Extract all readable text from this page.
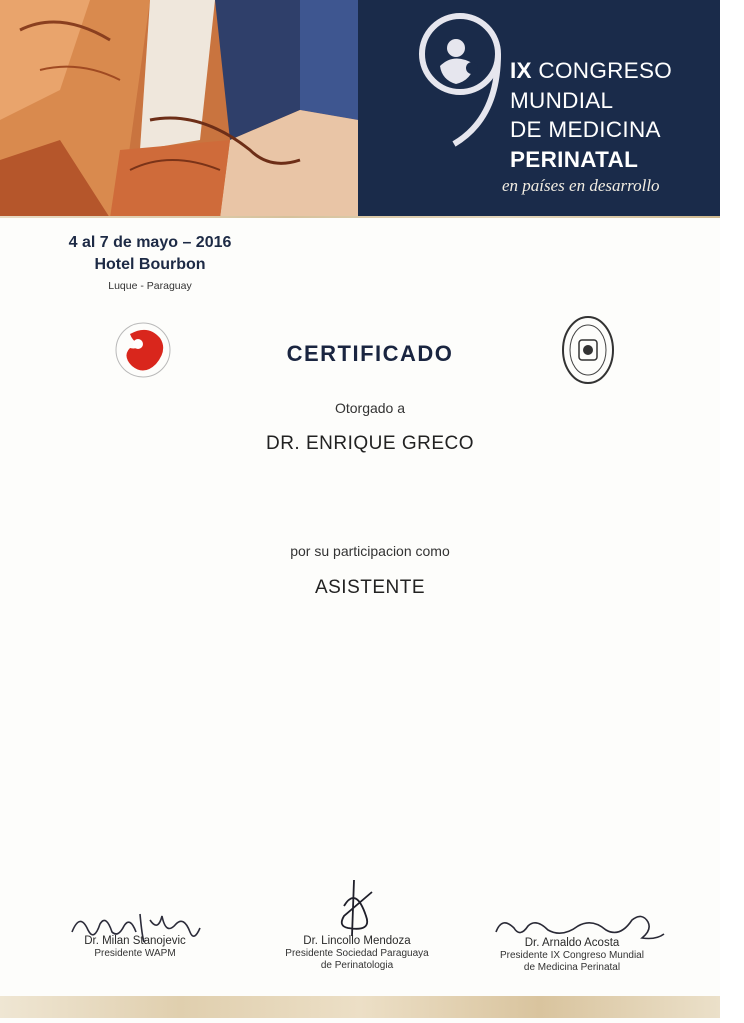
IX CONGRESO
MUNDIAL
DE MEDICINA
PERINATAL
en países en desarrollo
4 al 7 de mayo – 2016
Hotel Bourbon
Luque - Paraguay
CERTIFICADO
Otorgado a
DR. ENRIQUE GRECO
por su participacion como
ASISTENTE
Dr. Milan Stanojevic
Presidente WAPM
Dr. Lincollo Mendoza
Presidente Sociedad Paraguaya
de Perinatologia
Dr. Arnaldo Acosta
Presidente IX Congreso Mundial
de Medicina Perinatal
